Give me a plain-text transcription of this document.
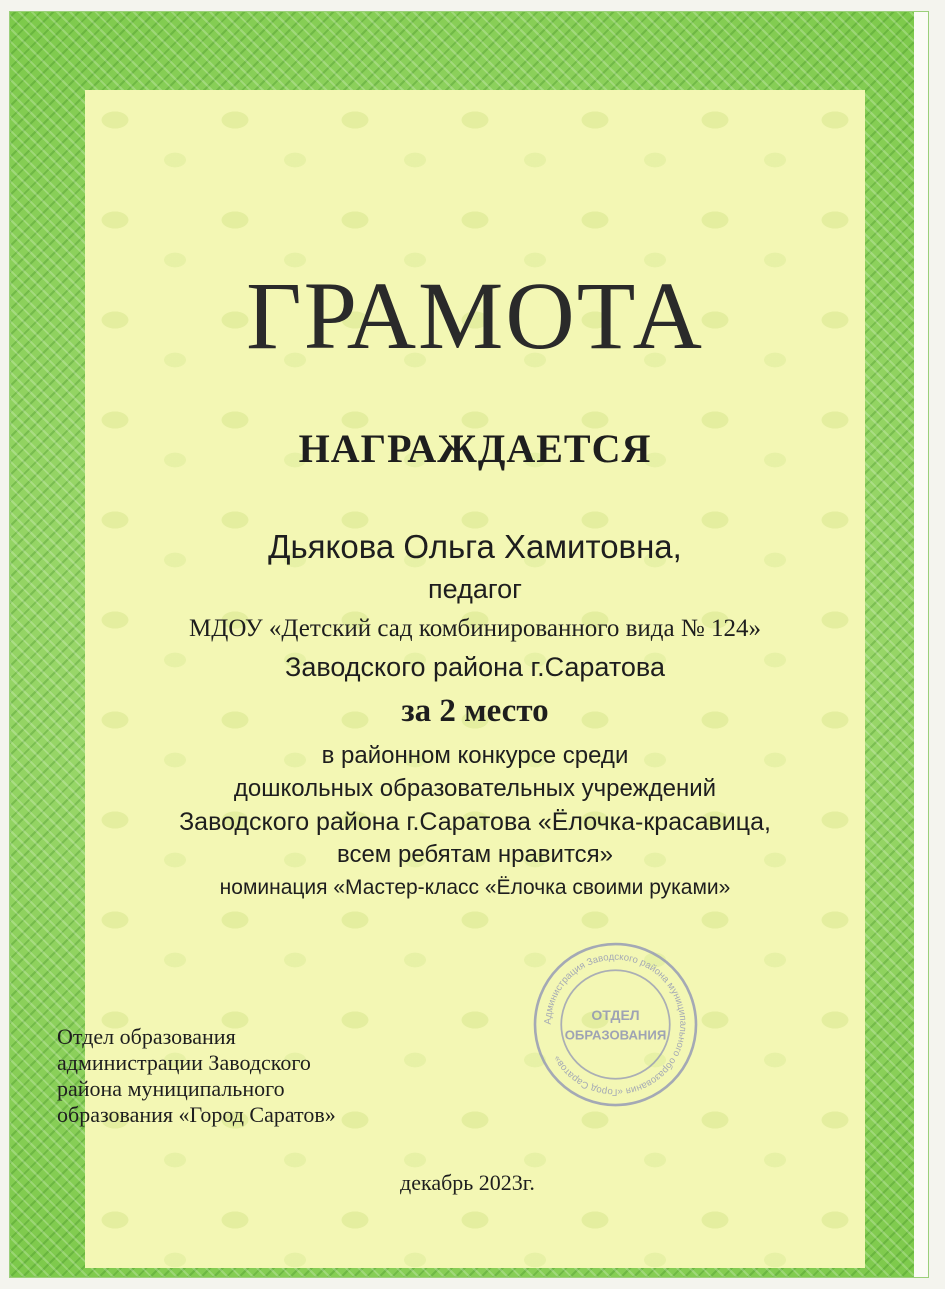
ГРАМОТА
НАГРАЖДАЕТСЯ
Дьякова Ольга Хамитовна,
педагог
МДОУ «Детский сад комбинированного вида № 124»
Заводского района г.Саратова
за 2 место
в районном конкурсе среди
дошкольных образовательных учреждений
Заводского района г.Саратова «Ёлочка-красавица,
всем ребятам нравится»
номинация «Мастер-класс «Ёлочка своими руками»
Отдел образования
администрации Заводского
района муниципального
образования «Город Саратов»
декабрь 2023г.
Администрация Заводского района муниципального образования «Город Саратов»
ОТДЕЛ
ОБРАЗОВАНИЯ
